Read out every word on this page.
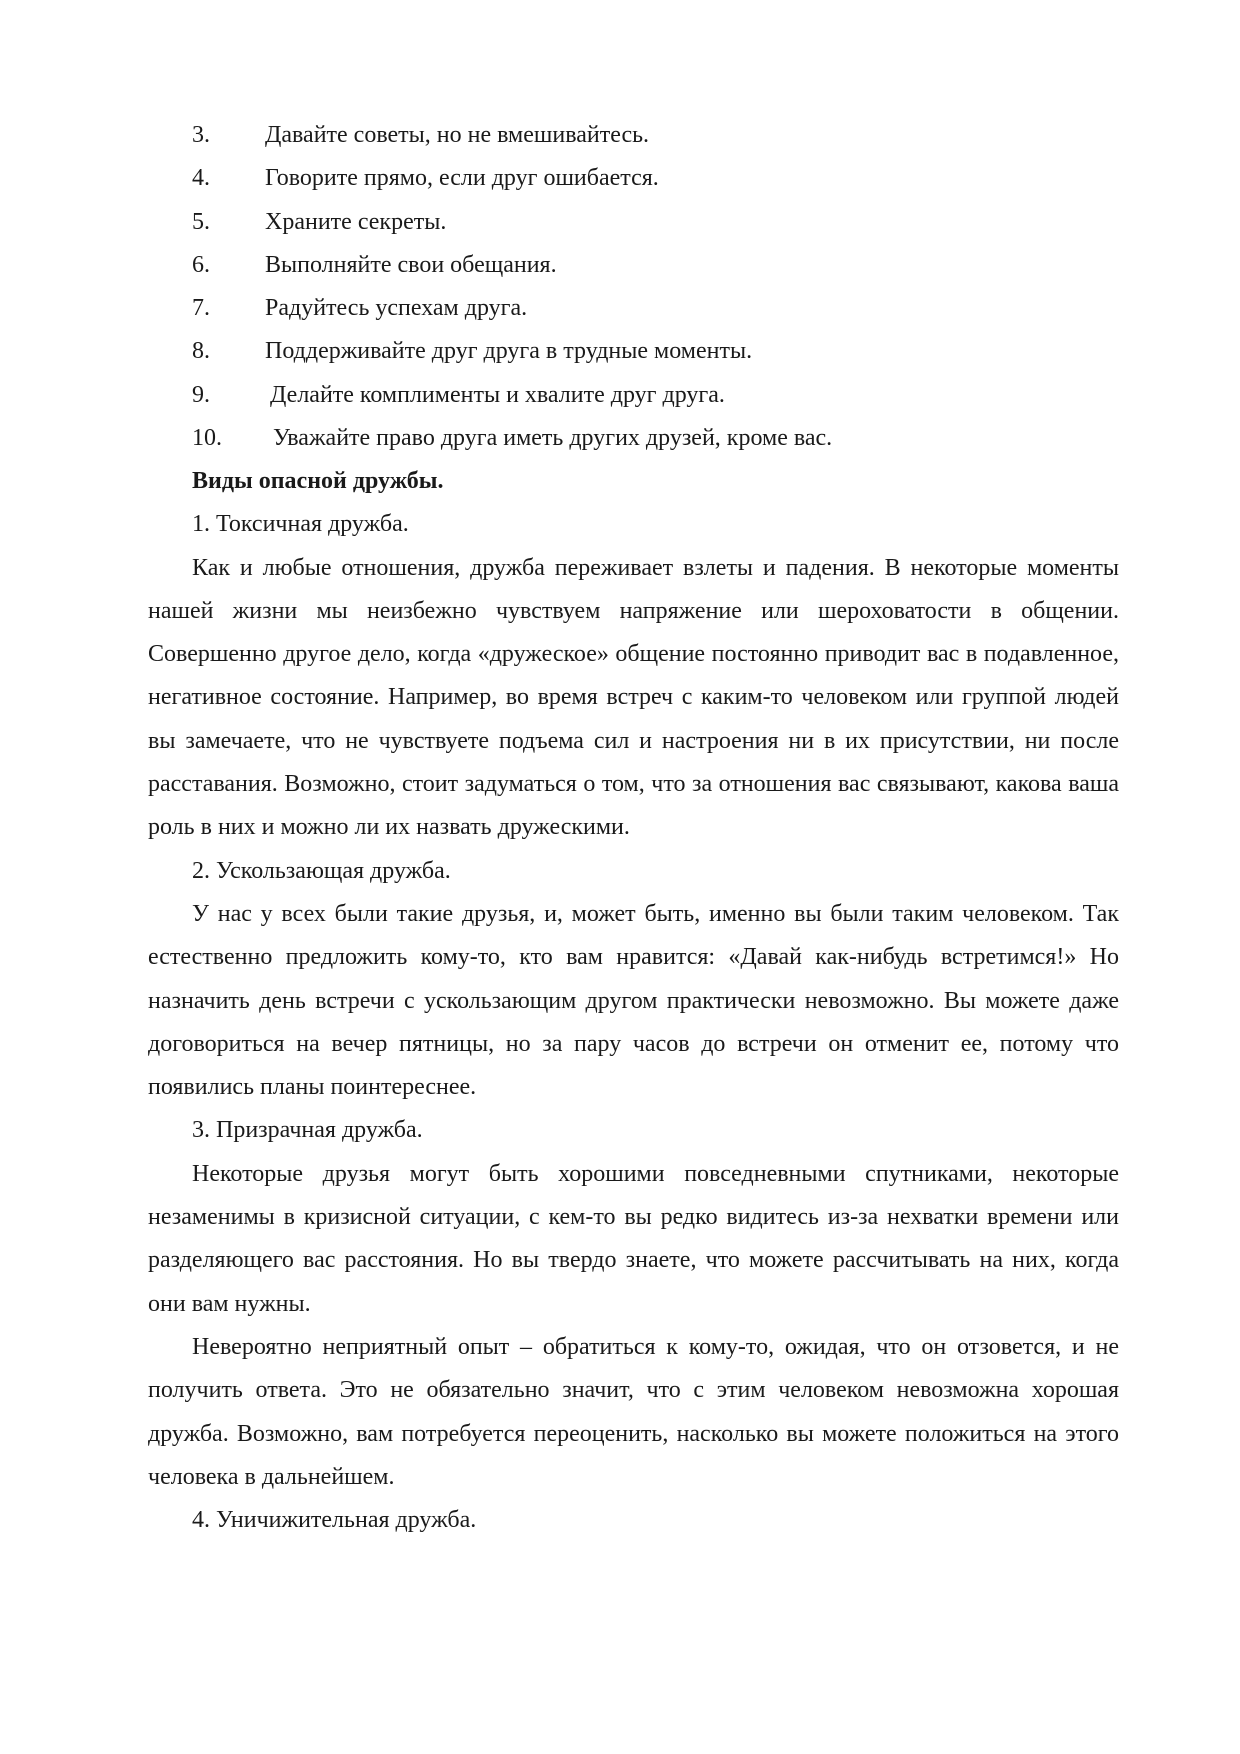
3. Давайте советы, но не вмешивайтесь.
4. Говорите прямо, если друг ошибается.
5. Храните секреты.
6. Выполняйте свои обещания.
7. Радуйтесь успехам друга.
8. Поддерживайте друг друга в трудные моменты.
9.	Делайте комплименты и хвалите друг друга.
10. Уважайте право друга иметь других друзей, кроме вас.
Виды опасной дружбы.
1. Токсичная дружба.

Как и любые отношения, дружба переживает взлеты и падения. В некоторые моменты нашей жизни мы неизбежно чувствуем напряжение или шероховатости в общении. Совершенно другое дело, когда «дружеское» общение постоянно приводит вас в подавленное, негативное состояние. Например, во время встреч с каким-то человеком или группой людей вы замечаете, что не чувствуете подъема сил и настроения ни в их присутствии, ни после расставания. Возможно, стоит задуматься о том, что за отношения вас связывают, какова ваша роль в них и можно ли их назвать дружескими.

2. Ускользающая дружба.

У нас у всех были такие друзья, и, может быть, именно вы были таким человеком. Так естественно предложить кому-то, кто вам нравится: «Давай как-нибудь встретимся!» Но назначить день встречи с ускользающим другом практически невозможно. Вы можете даже договориться на вечер пятницы, но за пару часов до встречи он отменит ее, потому что появились планы поинтереснее.

3. Призрачная дружба.

Некоторые друзья могут быть хорошими повседневными спутниками, некоторые незаменимы в кризисной ситуации, с кем-то вы редко видитесь из-за нехватки времени или разделяющего вас расстояния. Но вы твердо знаете, что можете рассчитывать на них, когда они вам нужны.

Невероятно неприятный опыт – обратиться к кому-то, ожидая, что он отзовется, и не получить ответа. Это не обязательно значит, что с этим человеком невозможна хорошая дружба. Возможно, вам потребуется переоценить, насколько вы можете положиться на этого человека в дальнейшем.

4. Уничижительная дружба.
